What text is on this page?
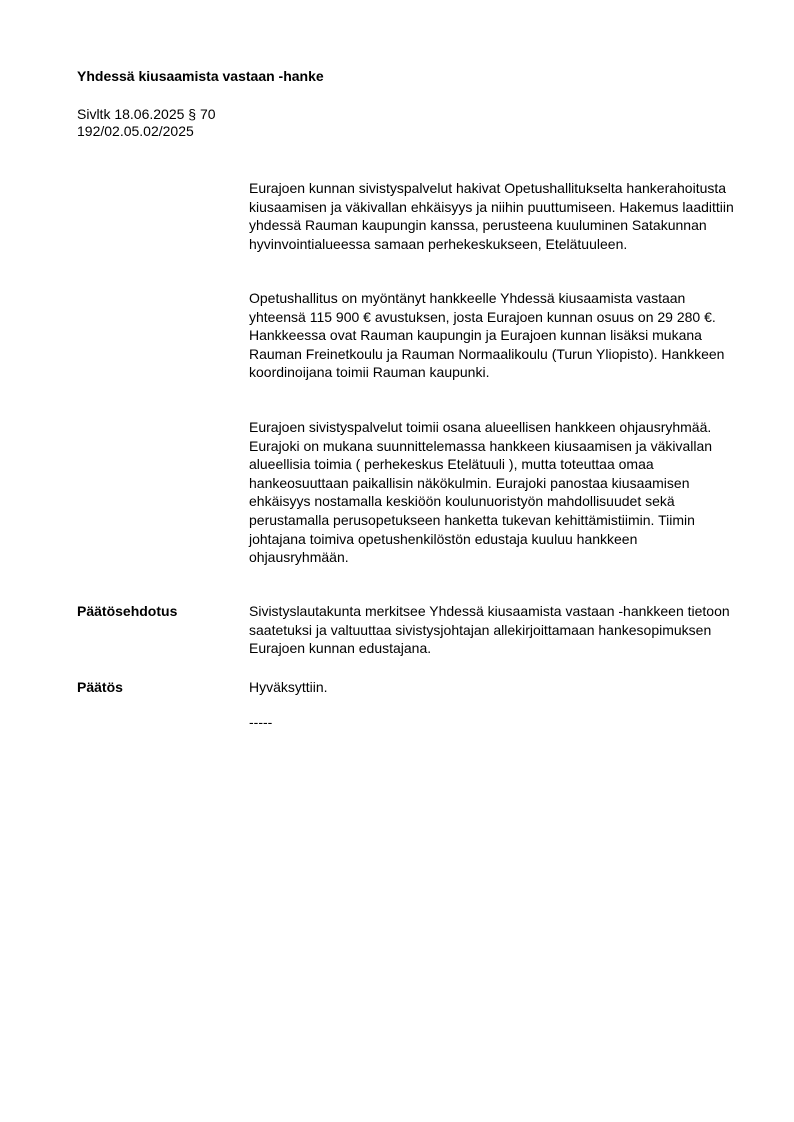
Yhdessä kiusaamista vastaan -hanke
Sivltk 18.06.2025 § 70
192/02.05.02/2025

Eurajoen kunnan sivistyspalvelut hakivat Opetushallitukselta hankerahoitusta kiusaamisen ja väkivallan ehkäisyys ja niihin puuttumiseen. Hakemus laadittiin yhdessä Rauman kaupungin kanssa, perusteena kuuluminen Satakunnan hyvinvointialueessa samaan perhekeskukseen, Etelätuuleen.

Opetushallitus on myöntänyt hankkeelle Yhdessä kiusaamista vastaan yhteensä 115 900 € avustuksen, josta Eurajoen kunnan osuus on 29 280 €. Hankkeessa ovat Rauman kaupungin ja Eurajoen kunnan lisäksi mukana Rauman Freinetkoulu ja Rauman Normaalikoulu (Turun Yliopisto). Hankkeen koordinoijana toimii Rauman kaupunki.

Eurajoen sivistyspalvelut toimii osana alueellisen hankkeen ohjausryhmää. Eurajoki on mukana suunnittelemassa hankkeen kiusaamisen ja väkivallan alueellisia toimia ( perhekeskus Etelätuuli ), mutta toteuttaa omaa hankeosuuttaan paikallisin näkökulmin. Eurajoki panostaa kiusaamisen ehkäisyys nostamalla keskiöön koulunuoristyön mahdollisuudet sekä perustamalla perusopetukseen hanketta tukevan kehittämistiimin. Tiimin johtajana toimiva opetushenkilöstön edustaja kuuluu hankkeen ohjausryhmään.

Päätösehdotus	Sivistyslautakunta merkitsee Yhdessä kiusaamista vastaan -hankkeen tietoon saatetuksi ja valtuuttaa sivistysjohtajan allekirjoittamaan hankesopimuksen Eurajoen kunnan edustajana.

Päätös	Hyväksyttiin.

-----
